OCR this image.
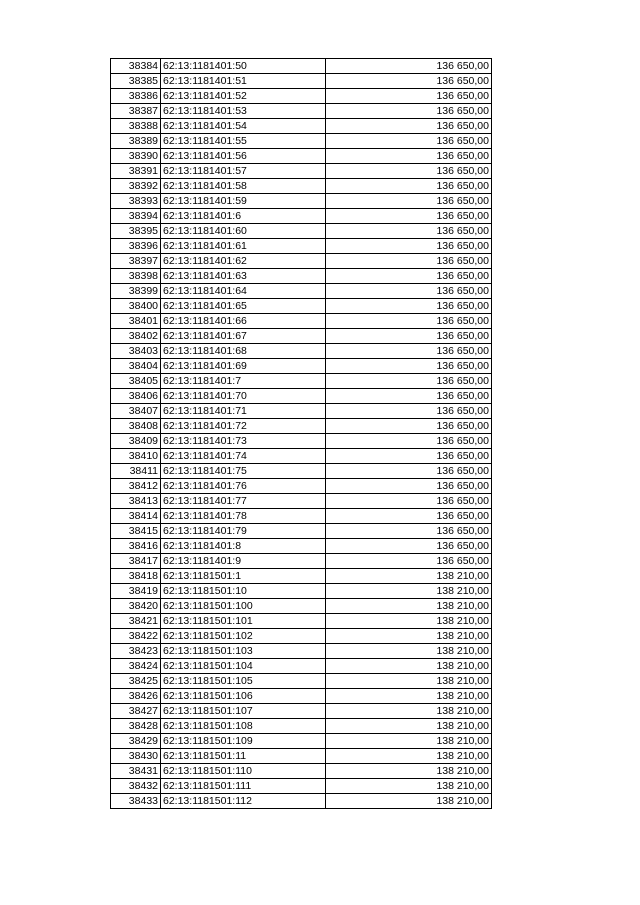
38384	62:13:1181401:50	136 650,00
38385	62:13:1181401:51	136 650,00
38386	62:13:1181401:52	136 650,00
38387	62:13:1181401:53	136 650,00
38388	62:13:1181401:54	136 650,00
38389	62:13:1181401:55	136 650,00
38390	62:13:1181401:56	136 650,00
38391	62:13:1181401:57	136 650,00
38392	62:13:1181401:58	136 650,00
38393	62:13:1181401:59	136 650,00
38394	62:13:1181401:6	136 650,00
38395	62:13:1181401:60	136 650,00
38396	62:13:1181401:61	136 650,00
38397	62:13:1181401:62	136 650,00
38398	62:13:1181401:63	136 650,00
38399	62:13:1181401:64	136 650,00
38400	62:13:1181401:65	136 650,00
38401	62:13:1181401:66	136 650,00
38402	62:13:1181401:67	136 650,00
38403	62:13:1181401:68	136 650,00
38404	62:13:1181401:69	136 650,00
38405	62:13:1181401:7	136 650,00
38406	62:13:1181401:70	136 650,00
38407	62:13:1181401:71	136 650,00
38408	62:13:1181401:72	136 650,00
38409	62:13:1181401:73	136 650,00
38410	62:13:1181401:74	136 650,00
38411	62:13:1181401:75	136 650,00
38412	62:13:1181401:76	136 650,00
38413	62:13:1181401:77	136 650,00
38414	62:13:1181401:78	136 650,00
38415	62:13:1181401:79	136 650,00
38416	62:13:1181401:8	136 650,00
38417	62:13:1181401:9	136 650,00
38418	62:13:1181501:1	138 210,00
38419	62:13:1181501:10	138 210,00
38420	62:13:1181501:100	138 210,00
38421	62:13:1181501:101	138 210,00
38422	62:13:1181501:102	138 210,00
38423	62:13:1181501:103	138 210,00
38424	62:13:1181501:104	138 210,00
38425	62:13:1181501:105	138 210,00
38426	62:13:1181501:106	138 210,00
38427	62:13:1181501:107	138 210,00
38428	62:13:1181501:108	138 210,00
38429	62:13:1181501:109	138 210,00
38430	62:13:1181501:11	138 210,00
38431	62:13:1181501:110	138 210,00
38432	62:13:1181501:111	138 210,00
38433	62:13:1181501:112	138 210,00
